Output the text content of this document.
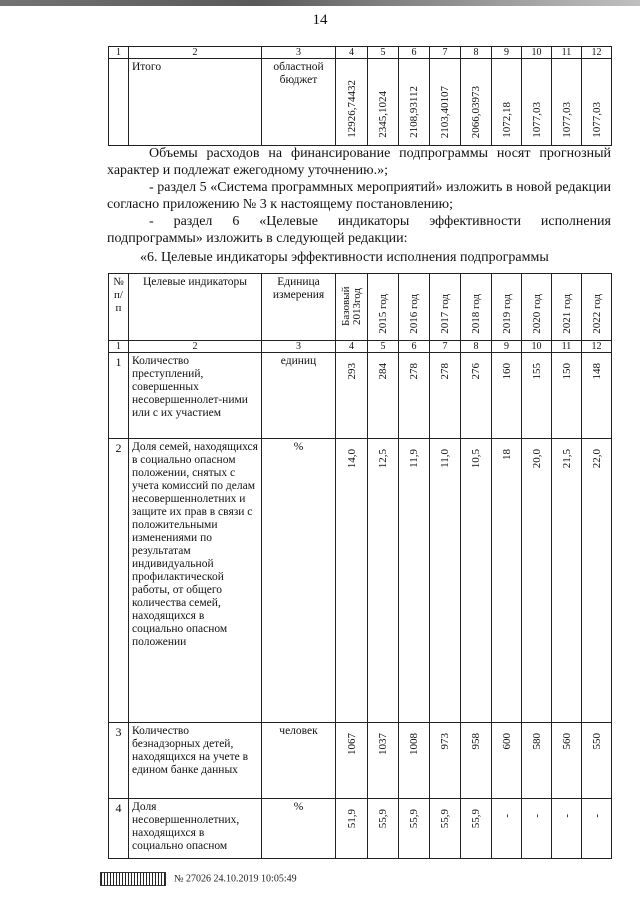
14
1	2	3	4	5	6	7	8	9	10	11	12
	Итого	областной бюджет	12926,74432	2345,1024	2108,93112	2103,40107	2066,03973	1072,18	1077,03	1077,03	1077,03
Объемы расходов на финансирование подпрограммы носят прогнозный характер и подлежат ежегодному уточнению.»;
- раздел 5 «Система программных мероприятий» изложить в новой редакции согласно приложению № 3 к настоящему постановлению;
- раздел 6 «Целевые индикаторы эффективности исполнения подпрограммы» изложить в следующей редакции:
«6. Целевые индикаторы эффективности исполнения подпрограммы
№ п/п	Целевые индикаторы	Единица измерения	Базовый 2013год	2015 год	2016 год	2017 год	2018 год	2019 год	2020 год	2021 год	2022 год
1	2	3	4	5	6	7	8	9	10	11	12
1	Количество преступлений, совершенных несовершеннолет-ними или с их участием	единиц	293	284	278	278	276	160	155	150	148
2	Доля семей, находящихся в социально опасном положении, снятых с учета комиссий по делам несовершеннолетних и защите их прав в связи с положительными изменениями по результатам индивидуальной профилактической работы, от общего количества семей, находящихся в социально опасном положении	%	14,0	12,5	11,9	11,0	10,5	18	20,0	21,5	22,0
3	Количество безнадзорных детей, находящихся на учете в едином банке данных	человек	1067	1037	1008	973	958	600	580	560	550
4	Доля несовершеннолетних, находящихся в социально опасном	%	51,9	55,9	55,9	55,9	55,9	-	-	-	-
№ 27026 24.10.2019 10:05:49
